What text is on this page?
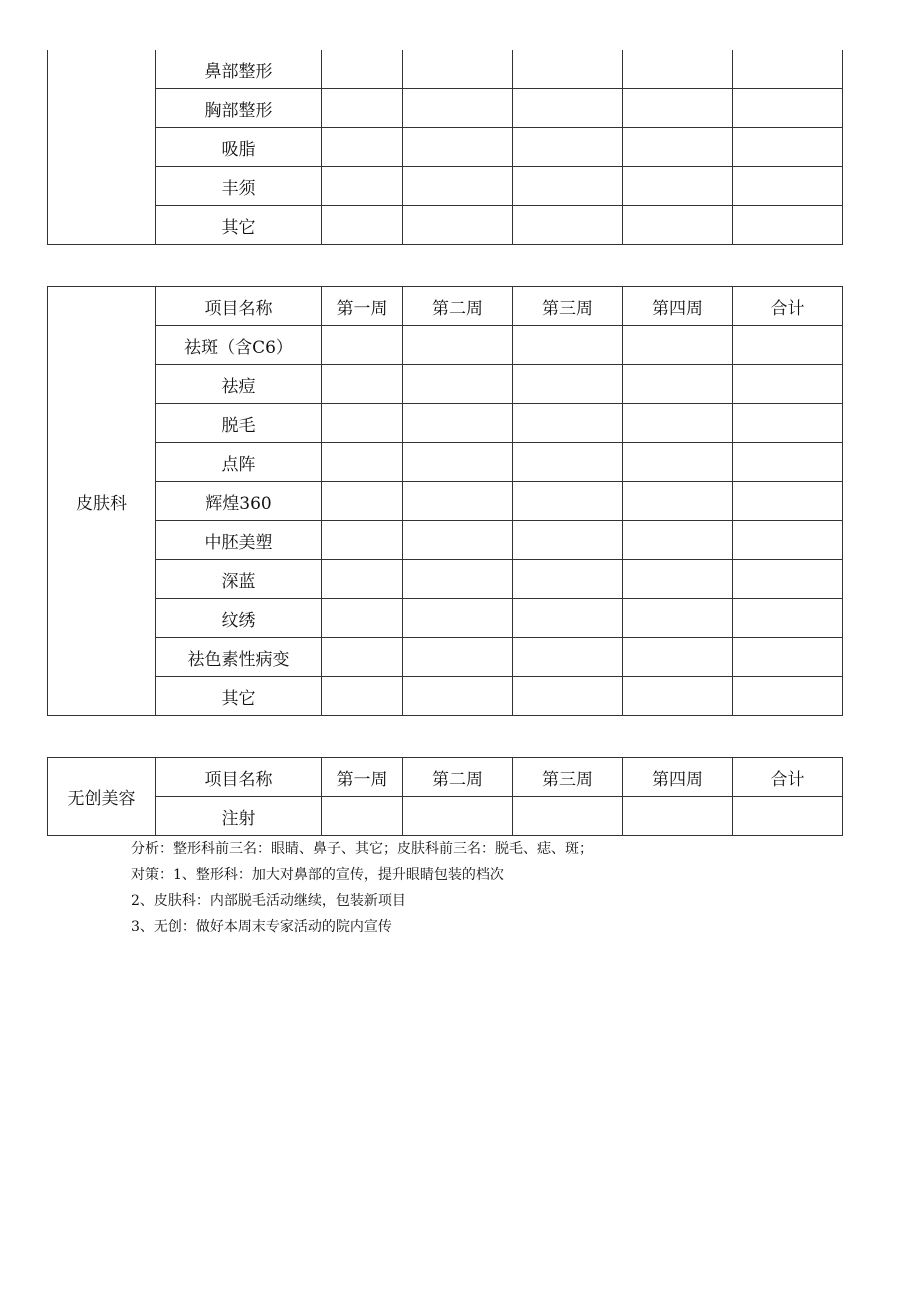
	鼻部整形					
	胸部整形					
	吸脂					
	丰须					
	其它					
皮肤科	项目名称	第一周	第二周	第三周	第四周	合计
	祛斑（含C6）					
	祛痘					
	脱毛					
	点阵					
	辉煌360					
	中胚美塑					
	深蓝					
	纹绣					
	祛色素性病变					
	其它					
无创美容	项目名称	第一周	第二周	第三周	第四周	合计
	注射					
分析：整形科前三名：眼睛、鼻子、其它；皮肤科前三名：脱毛、痣、斑；
对策：1、整形科：加大对鼻部的宣传，提升眼睛包装的档次
2、皮肤科：内部脱毛活动继续，包装新项目
3、无创：做好本周末专家活动的院内宣传
